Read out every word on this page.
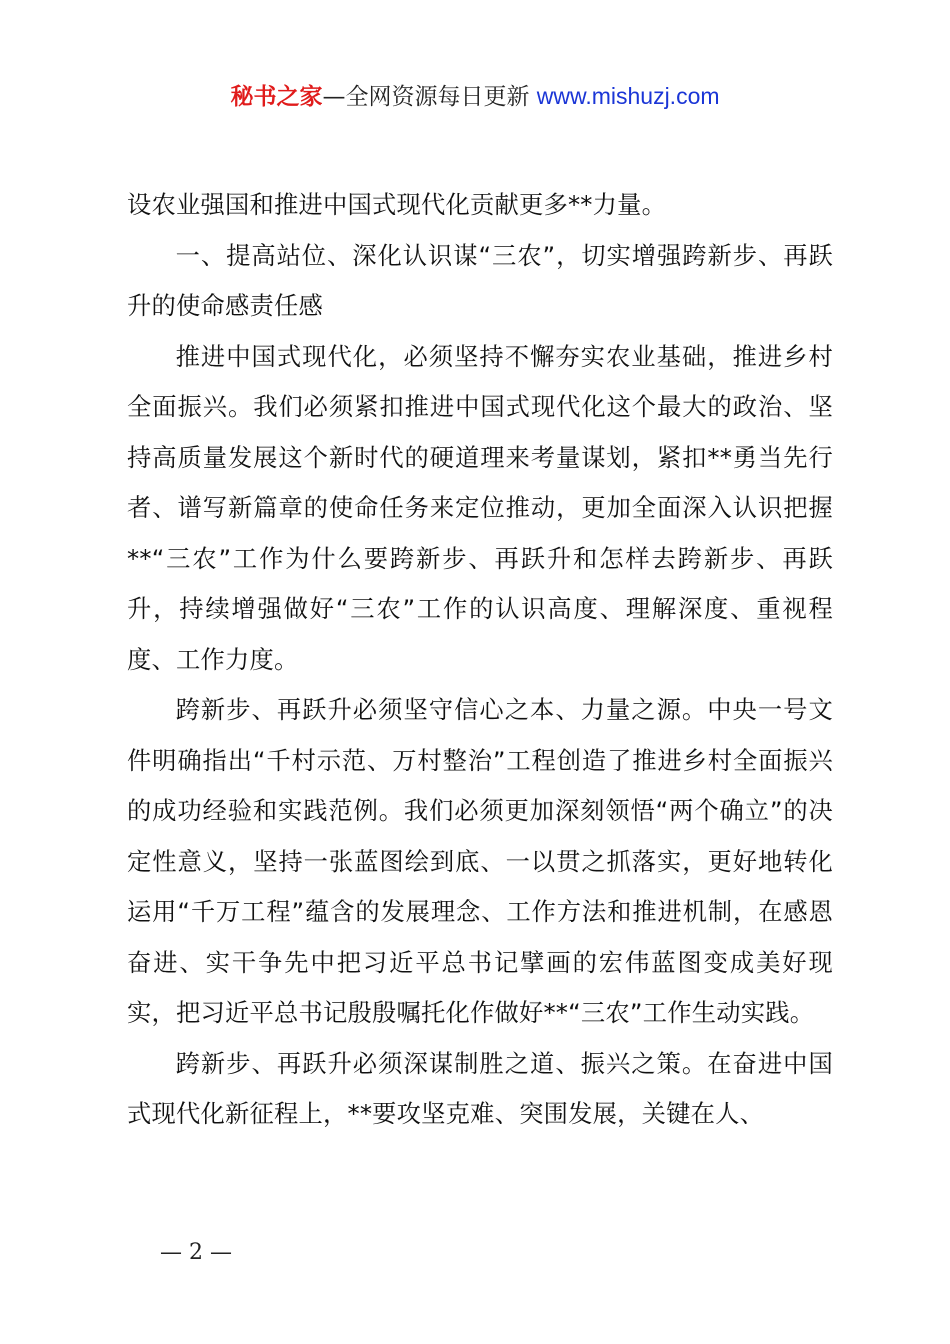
秘书之家—全网资源每日更新 www.mishuzj.com

设农业强国和推进中国式现代化贡献更多**力量。

一、提高站位、深化认识谋“三农”，切实增强跨新步、再跃升的使命感责任感

推进中国式现代化，必须坚持不懈夯实农业基础，推进乡村全面振兴。我们必须紧扣推进中国式现代化这个最大的政治、坚持高质量发展这个新时代的硬道理来考量谋划，紧扣**勇当先行者、谱写新篇章的使命任务来定位推动，更加全面深入认识把握**“三农”工作为什么要跨新步、再跃升和怎样去跨新步、再跃升，持续增强做好“三农”工作的认识高度、理解深度、重视程度、工作力度。

跨新步、再跃升必须坚守信心之本、力量之源。中央一号文件明确指出“千村示范、万村整治”工程创造了推进乡村全面振兴的成功经验和实践范例。我们必须更加深刻领悟“两个确立”的决定性意义，坚持一张蓝图绘到底、一以贯之抓落实，更好地转化运用“千万工程”蕴含的发展理念、工作方法和推进机制，在感恩奋进、实干争先中把习近平总书记擘画的宏伟蓝图变成美好现实，把习近平总书记殷殷嘱托化作做好**“三农”工作生动实践。

跨新步、再跃升必须深谋制胜之道、振兴之策。在奋进中国式现代化新征程上，**要攻坚克难、突围发展，关键在人、

— 2 —
